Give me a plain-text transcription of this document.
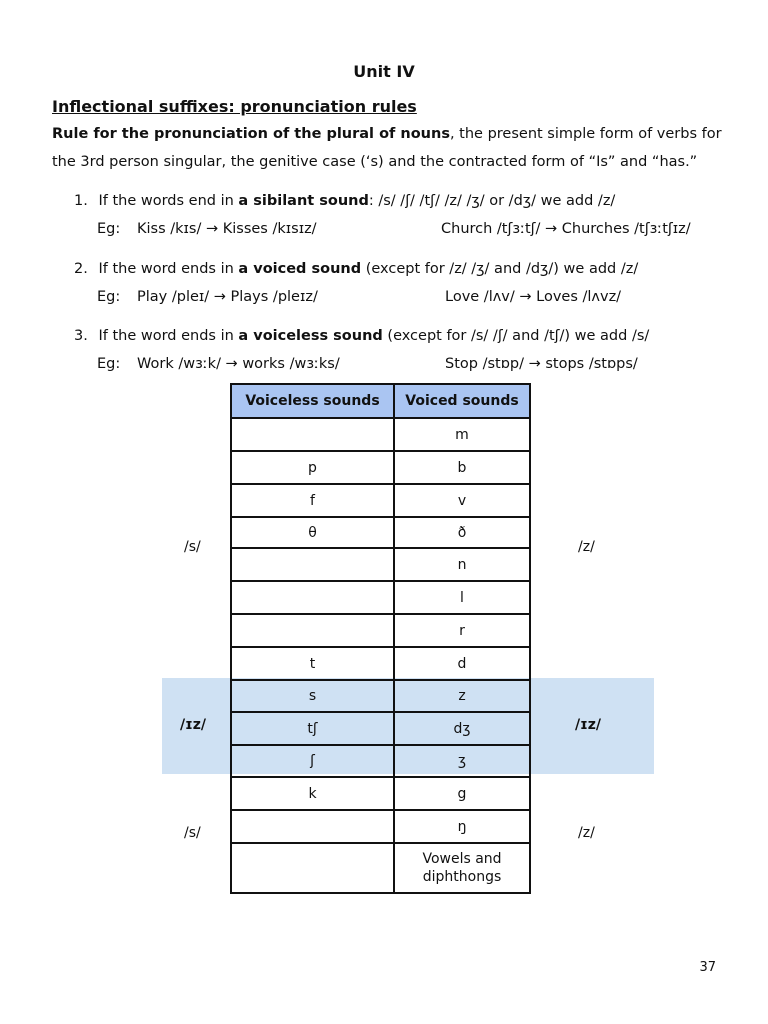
Unit IV
Inflectional suffixes: pronunciation rules
Rule for the pronunciation of the plural of nouns, the present simple form of verbs for
the 3rd person singular, the genitive case (‘s) and the contracted form of “Is” and “has.”
1. If the words end in a sibilant sound: /s/ /ʃ/ /tʃ/ /z/ /ʒ/ or /dʒ/ we add /z/
Eg: Kiss /kɪs/ → Kisses /kɪsɪz/	Church /tʃɜːtʃ/ → Churches /tʃɜːtʃɪz/
2. If the word ends in a voiced sound (except for /z/ /ʒ/ and /dʒ/) we add /z/
Eg: Play /pleɪ/ → Plays /pleɪz/	Love /lʌv/ → Loves /lʌvz/
3. If the word ends in a voiceless sound (except for /s/ /ʃ/ and /tʃ/) we add /s/
Eg: Work /wɜːk/ → works /wɜːks/	Stop /stɒp/ → stops /stɒps/
Voiceless sounds	Voiced sounds
	m
p	b
f	v
θ	ð
	n
	l
	r
t	d
s	z
tʃ	dʒ
ʃ	ʒ
k	g
	ŋ
	Vowels and diphthongs
/s/	/z/
/ɪz/	/ɪz/
/s/	/z/
37
